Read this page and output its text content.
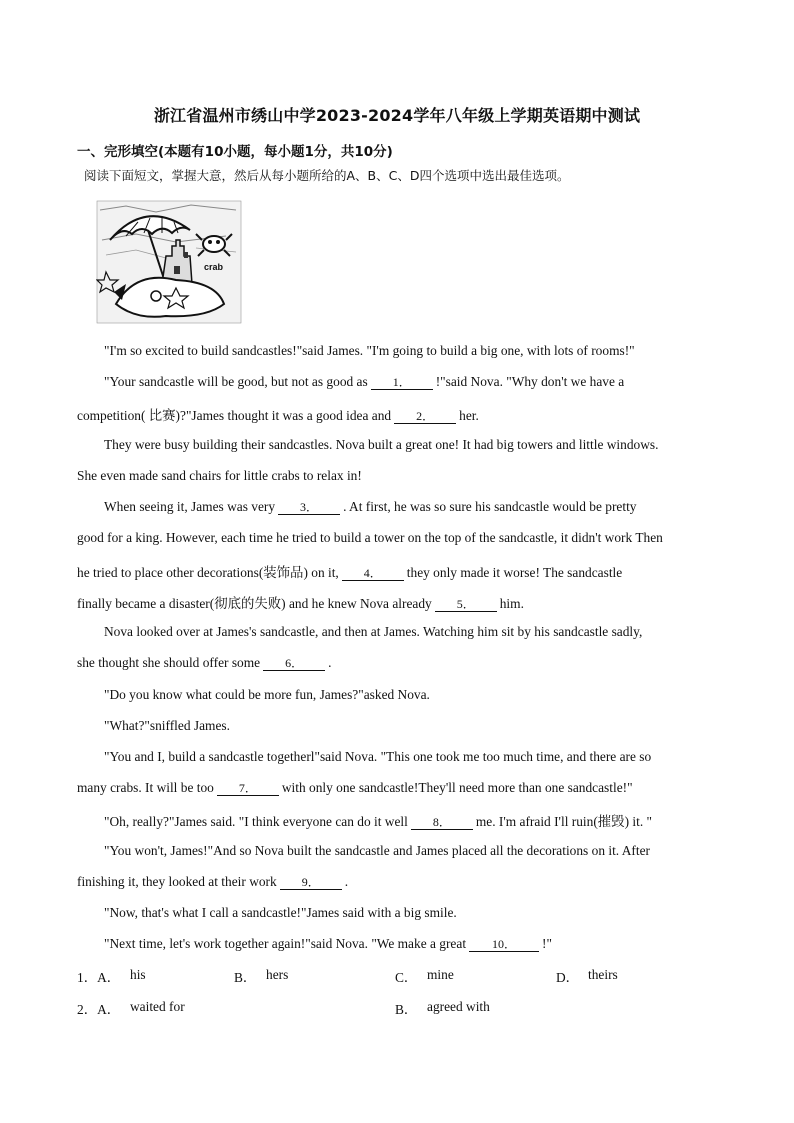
浙江省温州市绣山中学2023-2024学年八年级上学期英语期中测试
一、完形填空(本题有10小题，每小题1分，共10分)
阅读下面短文，掌握大意，然后从每小题所给的A、B、C、D四个选项中选出最佳选项。
crab
"I'm so excited to build sandcastles!"said James. "I'm going to build a big one, with lots of rooms!"
"Your sandcastle will be good, but not as good as 1． !"said Nova. "Why don't we have a
competition( 比赛)?"James thought it was a good idea and 2． her.
They were busy building their sandcastles. Nova built a great one! It had big towers and little windows.
She even made sand chairs for little crabs to relax in!
When seeing it, James was very 3． . At first, he was so sure his sandcastle would be pretty
good for a king. However, each time he tried to build a tower on the top of the sandcastle, it didn't work Then
he tried to place other decorations(装饰品) on it, 4． they only made it worse! The sandcastle
finally became a disaster(彻底的失败) and he knew Nova already 5． him.
Nova looked over at James's sandcastle, and then at James. Watching him sit by his sandcastle sadly,
she thought she should offer some 6． .
"Do you know what could be more fun, James?"asked Nova.
"What?"sniffled James.
"You and I, build a sandcastle togetherl"said Nova. "This one took me too much time, and there are so
many crabs. It will be too 7． with only one sandcastle!They'll need more than one sandcastle!"
"Oh, really?"James said. "I think everyone can do it well 8． me. I'm afraid I'll ruin(摧毁) it. "
"You won't, James!"And so Nova built the sandcastle and James placed all the decorations on it. After
finishing it, they looked at their work 9． .
"Now, that's what I call a sandcastle!"James said with a big smile.
"Next time, let's work together again!"said Nova. "We make a great 10． !"
1．A． his	B． hers	C． mine	D． theirs
2．A． waited for	B． agreed with
